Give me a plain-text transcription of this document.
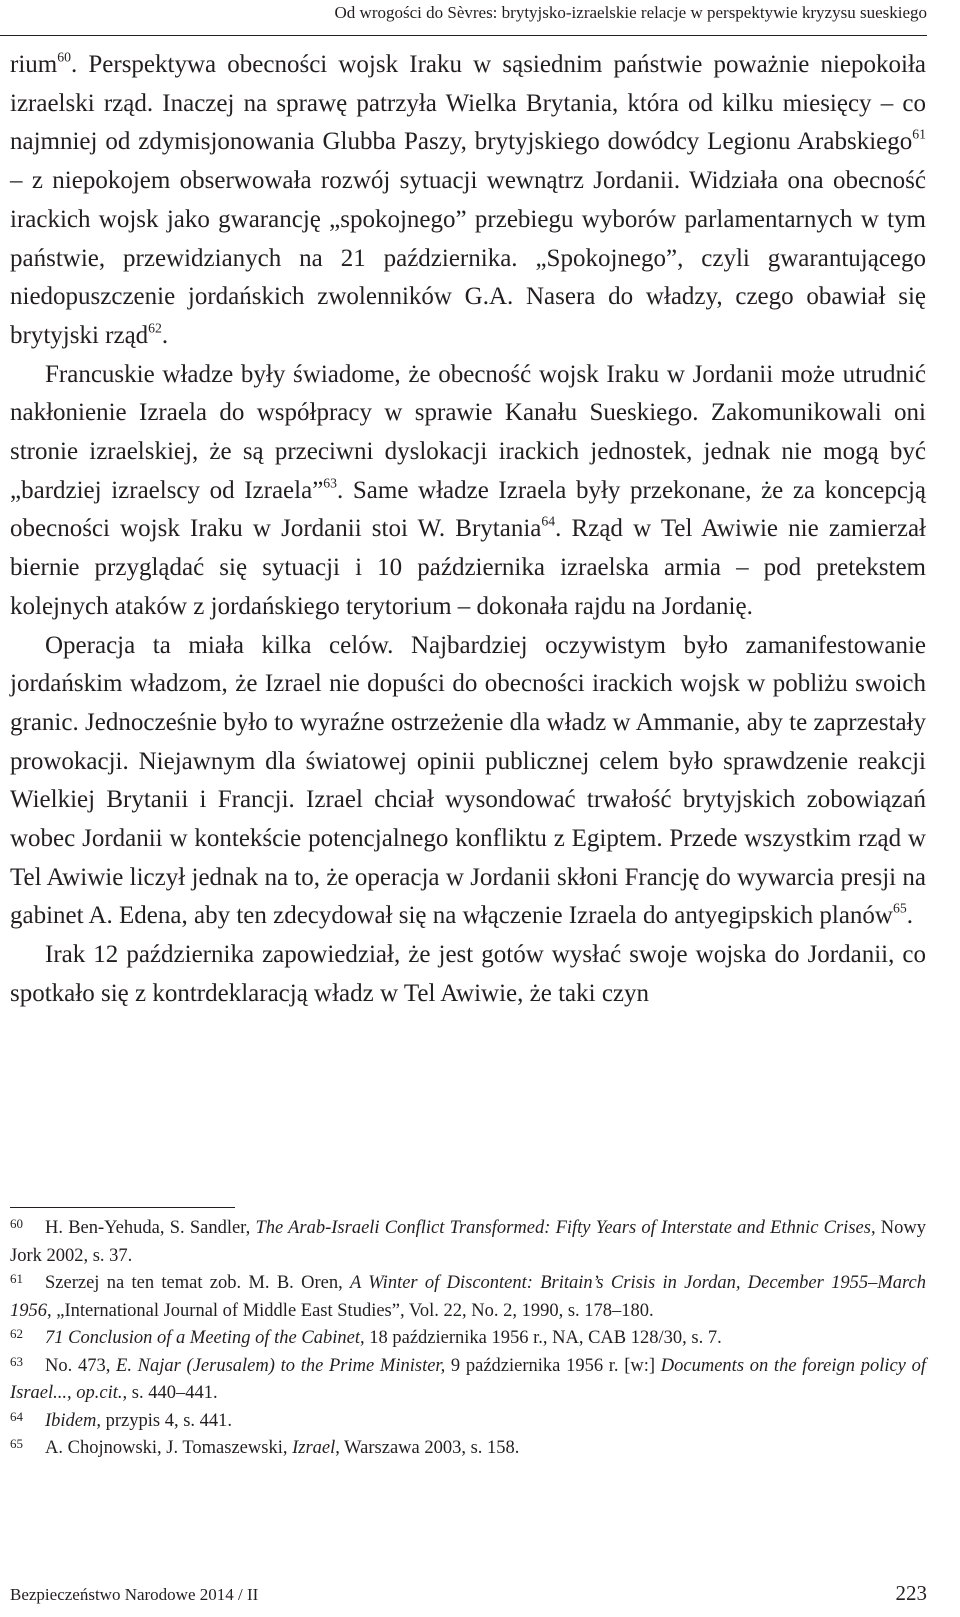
Od wrogości do Sèvres: brytyjsko-izraelskie relacje w perspektywie kryzysu sueskiego

rium$^{60}$. Perspektywa obecności wojsk Iraku w sąsiednim państwie poważnie niepokoiła izraelski rząd. Inaczej na sprawę patrzyła Wielka Brytania, która od kilku miesięcy – co najmniej od zdymisjonowania Glubba Paszy, brytyjskiego dowódcy Legionu Arabskiego$^{61}$ – z niepokojem obserwowała rozwój sytuacji wewnątrz Jordanii. Widziała ona obecność irackich wojsk jako gwarancję „spokojnego” przebiegu wyborów parlamentarnych w tym państwie, przewidzianych na 21 października. „Spokojnego”, czyli gwarantującego niedopuszczenie jordańskich zwolenników G.A. Nasera do władzy, czego obawiał się brytyjski rząd$^{62}$.

Francuskie władze były świadome, że obecność wojsk Iraku w Jordanii może utrudnić nakłonienie Izraela do współpracy w sprawie Kanału Sueskiego. Zakomunikowali oni stronie izraelskiej, że są przeciwni dyslokacji irackich jednostek, jednak nie mogą być „bardziej izraelscy od Izraela”$^{63}$. Same władze Izraela były przekonane, że za koncepcją obecności wojsk Iraku w Jordanii stoi W. Brytania$^{64}$. Rząd w Tel Awiwie nie zamierzał biernie przyglądać się sytuacji i 10 października izraelska armia – pod pretekstem kolejnych ataków z jordańskiego terytorium – dokonała rajdu na Jordanię.

Operacja ta miała kilka celów. Najbardziej oczywistym było zamanifestowanie jordańskim władzom, że Izrael nie dopuści do obecności irackich wojsk w pobliżu swoich granic. Jednocześnie było to wyraźne ostrzeżenie dla władz w Ammanie, aby te zaprzestały prowokacji. Niejawnym dla światowej opinii publicznej celem było sprawdzenie reakcji Wielkiej Brytanii i Francji. Izrael chciał wysondować trwałość brytyjskich zobowiązań wobec Jordanii w kontekście potencjalnego konfliktu z Egiptem. Przede wszystkim rząd w Tel Awiwie liczył jednak na to, że operacja w Jordanii skłoni Francję do wywarcia presji na gabinet A. Edena, aby ten zdecydował się na włączenie Izraela do antyegipskich planów$^{65}$.

Irak 12 października zapowiedział, że jest gotów wysłać swoje wojska do Jordanii, co spotkało się z kontrdeklaracją władz w Tel Awiwie, że taki czyn

60 H. Ben-Yehuda, S. Sandler, The Arab-Israeli Conflict Transformed: Fifty Years of Interstate and Ethnic Crises, Nowy Jork 2002, s. 37.

61 Szerzej na ten temat zob. M. B. Oren, A Winter of Discontent: Britain’s Crisis in Jordan, December 1955–March 1956, „International Journal of Middle East Studies”, Vol. 22, No. 2, 1990, s. 178–180.

62 71 Conclusion of a Meeting of the Cabinet, 18 października 1956 r., NA, CAB 128/30, s. 7.

63 No. 473, E. Najar (Jerusalem) to the Prime Minister, 9 października 1956 r. [w:] Documents on the foreign policy of Israel..., op.cit., s. 440–441.

64 Ibidem, przypis 4, s. 441.

65 A. Chojnowski, J. Tomaszewski, Izrael, Warszawa 2003, s. 158.

Bezpieczeństwo Narodowe 2014 / II	223
